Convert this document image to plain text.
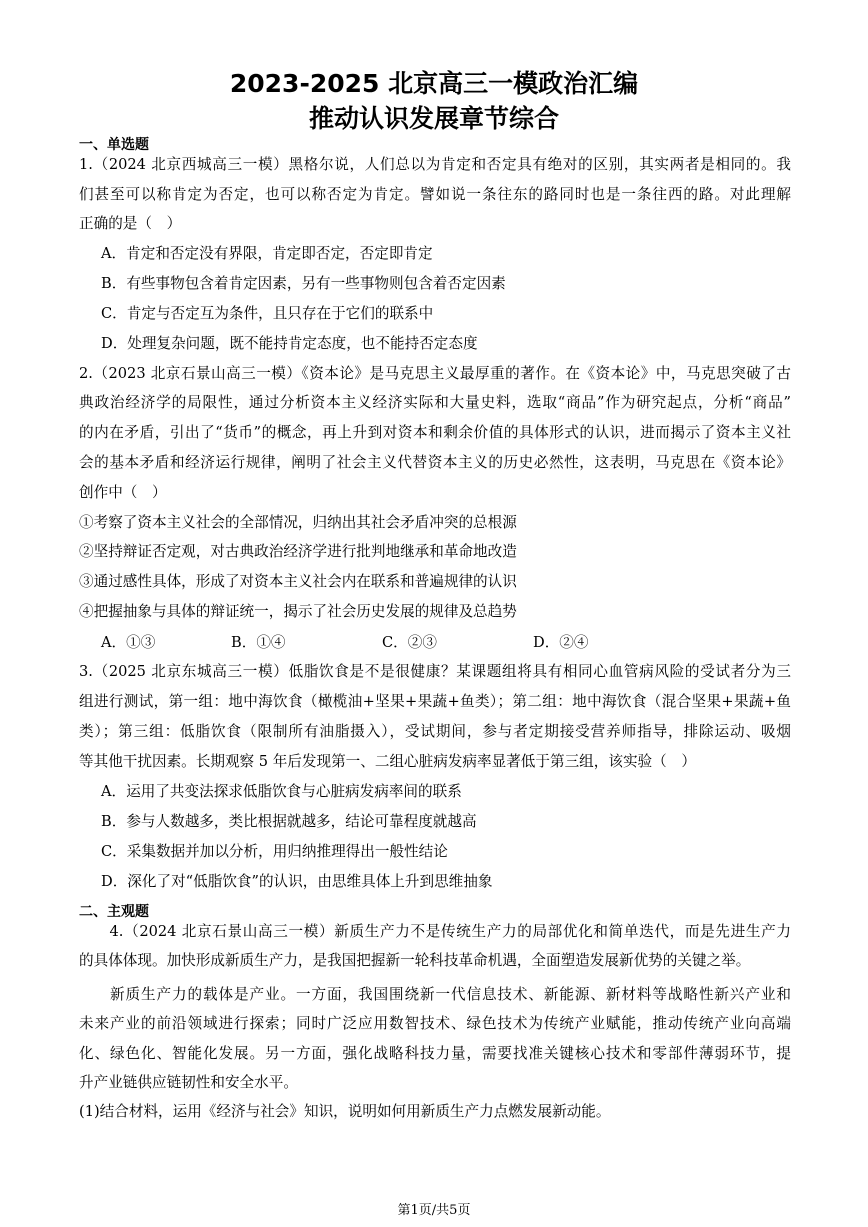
2023-2025 北京高三一模政治汇编
推动认识发展章节综合
一、单选题
1.（2024 北京西城高三一模）黑格尔说，人们总以为肯定和否定具有绝对的区别，其实两者是相同的。我
们甚至可以称肯定为否定，也可以称否定为肯定。譬如说一条往东的路同时也是一条往西的路。对此理解
正确的是（　）
A．肯定和否定没有界限，肯定即否定，否定即肯定
B．有些事物包含着肯定因素，另有一些事物则包含着否定因素
C．肯定与否定互为条件，且只存在于它们的联系中
D．处理复杂问题，既不能持肯定态度，也不能持否定态度
2.（2023 北京石景山高三一模）《资本论》是马克思主义最厚重的著作。在《资本论》中，马克思突破了古
典政治经济学的局限性，通过分析资本主义经济实际和大量史料，选取“商品”作为研究起点，分析“商品”
的内在矛盾，引出了“货币”的概念，再上升到对资本和剩余价值的具体形式的认识，进而揭示了资本主义社
会的基本矛盾和经济运行规律，阐明了社会主义代替资本主义的历史必然性，这表明，马克思在《资本论》
创作中（　）
①考察了资本主义社会的全部情况，归纳出其社会矛盾冲突的总根源
②坚持辩证否定观，对古典政治经济学进行批判地继承和革命地改造
③通过感性具体，形成了对资本主义社会内在联系和普遍规律的认识
④把握抽象与具体的辩证统一，揭示了社会历史发展的规律及总趋势
A．①③	B．①④	C．②③	D．②④
3.（2025 北京东城高三一模）低脂饮食是不是很健康？某课题组将具有相同心血管病风险的受试者分为三
组进行测试，第一组：地中海饮食（橄榄油+坚果+果蔬+鱼类）；第二组：地中海饮食（混合坚果+果蔬+鱼
类）；第三组：低脂饮食（限制所有油脂摄入），受试期间，参与者定期接受营养师指导，排除运动、吸烟
等其他干扰因素。长期观察 5 年后发现第一、二组心脏病发病率显著低于第三组，该实验（　）
A．运用了共变法探求低脂饮食与心脏病发病率间的联系
B．参与人数越多，类比根据就越多，结论可靠程度就越高
C．采集数据并加以分析，用归纳推理得出一般性结论
D．深化了对“低脂饮食”的认识，由思维具体上升到思维抽象
二、主观题
　　4.（2024 北京石景山高三一模）新质生产力不是传统生产力的局部优化和简单迭代，而是先进生产力
的具体体现。加快形成新质生产力，是我国把握新一轮科技革命机遇，全面塑造发展新优势的关键之举。
　　新质生产力的载体是产业。一方面，我国围绕新一代信息技术、新能源、新材料等战略性新兴产业和
未来产业的前沿领域进行探索；同时广泛应用数智技术、绿色技术为传统产业赋能，推动传统产业向高端
化、绿色化、智能化发展。另一方面，强化战略科技力量，需要找准关键核心技术和零部件薄弱环节，提
升产业链供应链韧性和安全水平。
(1)结合材料，运用《经济与社会》知识，说明如何用新质生产力点燃发展新动能。
第1页/共5页
